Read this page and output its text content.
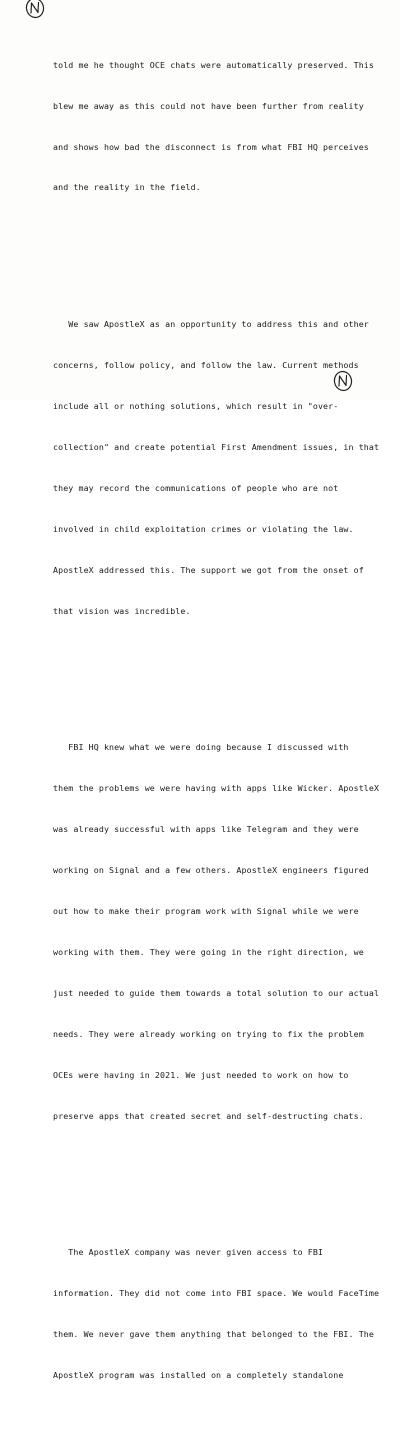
told me he thought OCE chats were automatically preserved. This

blew me away as this could not have been further from reality

and shows how bad the disconnect is from what FBI HQ perceives

and the reality in the field.

We saw ApostleX as an opportunity to address this and other

concerns, follow policy, and follow the law. Current methods

include all or nothing solutions, which result in "over-

collection" and create potential First Amendment issues, in that

they may record the communications of people who are not

involved in child exploitation crimes or violating the law.

ApostleX addressed this. The support we got from the onset of

that vision was incredible.

FBI HQ knew what we were doing because I discussed with

them the problems we were having with apps like Wicker. ApostleX

was already successful with apps like Telegram and they were

working on Signal and a few others. ApostleX engineers figured

out how to make their program work with Signal while we were

working with them. They were going in the right direction, we

just needed to guide them towards a total solution to our actual

needs. They were already working on trying to fix the problem

OCEs were having in 2021. We just needed to work on how to

preserve apps that created secret and self-destructing chats.

The ApostleX company was never given access to FBI

information. They did not come into FBI space. We would FaceTime

them. We never gave them anything that belonged to the FBI. The

ApostleX program was installed on a completely standalone
